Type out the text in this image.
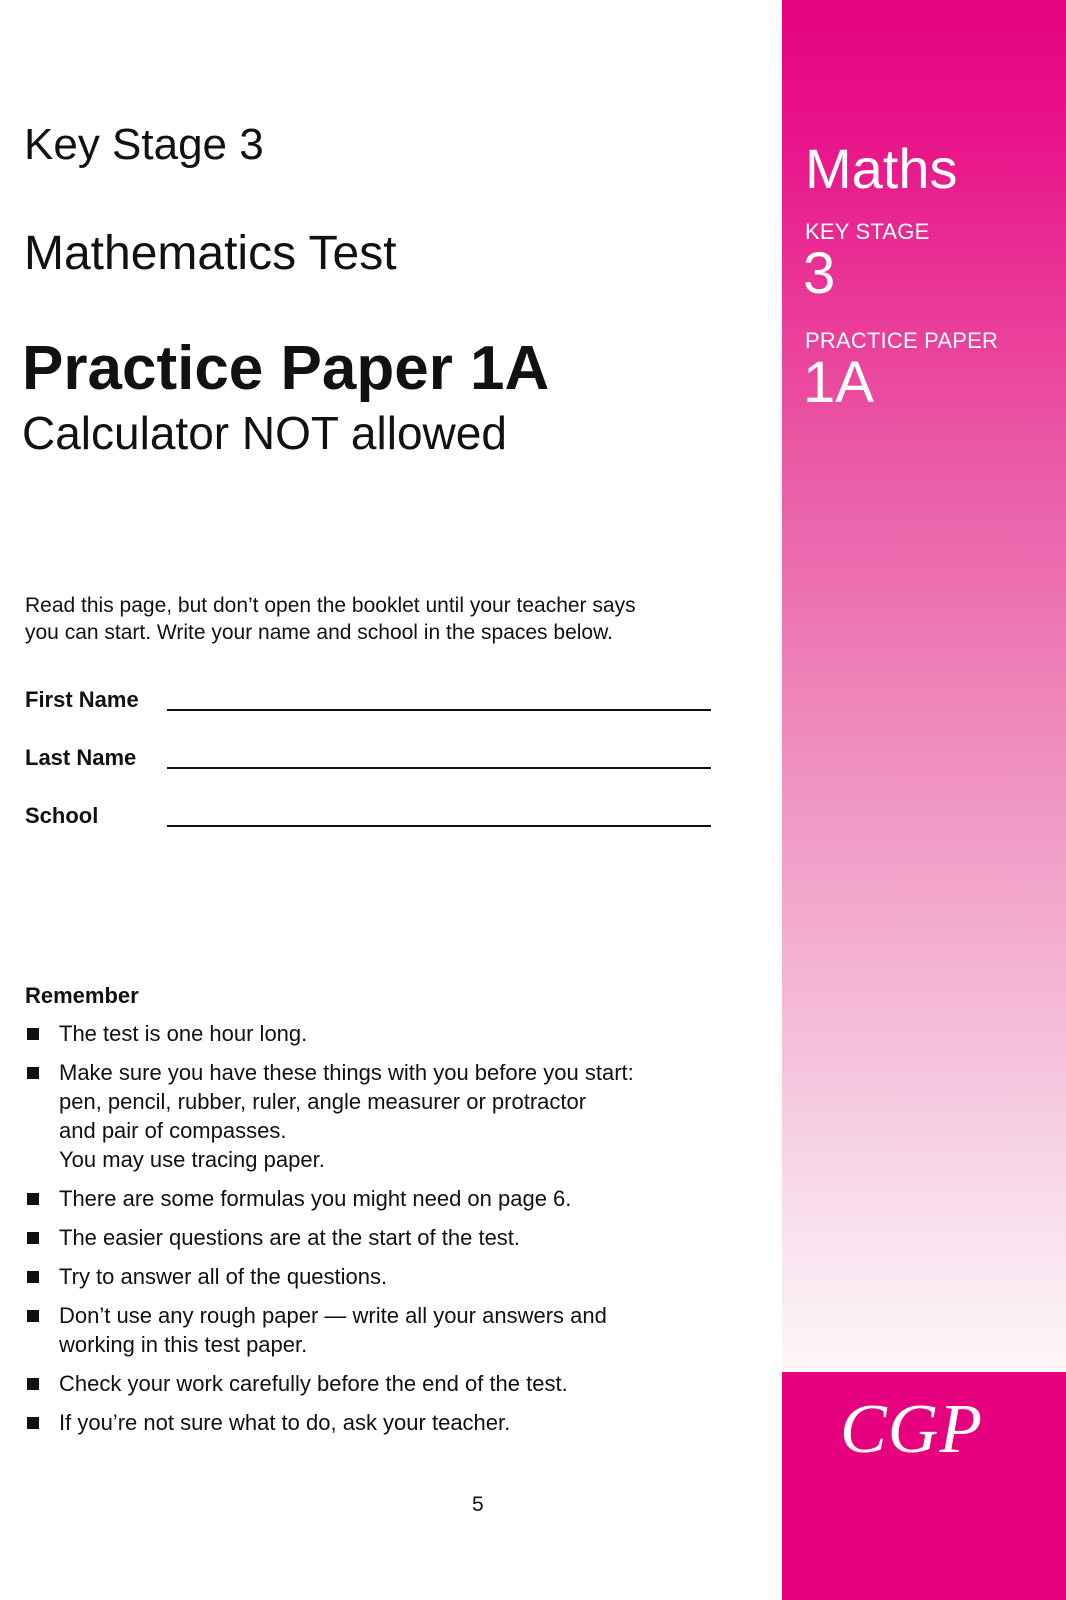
Key Stage 3
Mathematics Test
Practice Paper 1A
Calculator NOT allowed
Read this page, but don’t open the booklet until your teacher says
you can start. Write your name and school in the spaces below.
First Name
Last Name
School
Remember
The test is one hour long.
Make sure you have these things with you before you start:
pen, pencil, rubber, ruler, angle measurer or protractor
and pair of compasses.
You may use tracing paper.
There are some formulas you might need on page 6.
The easier questions are at the start of the test.
Try to answer all of the questions.
Don’t use any rough paper — write all your answers and
working in this test paper.
Check your work carefully before the end of the test.
If you’re not sure what to do, ask your teacher.
5
Maths
KEY STAGE
3
PRACTICE PAPER
1A
CGP
